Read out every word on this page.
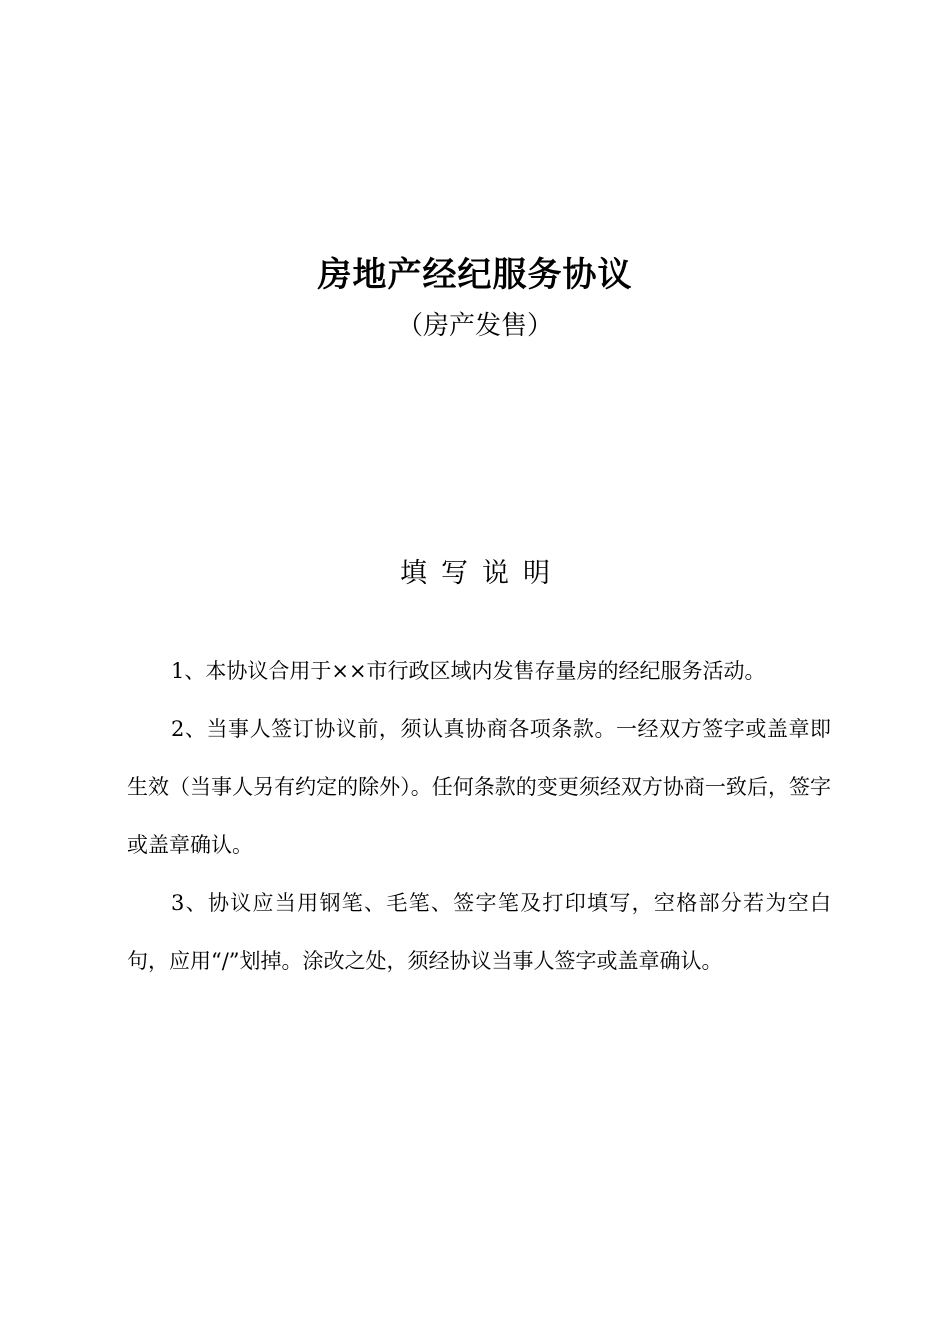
房地产经纪服务协议
（房产发售）
填写说明

1、本协议合用于××市行政区域内发售存量房的经纪服务活动。

2、当事人签订协议前，须认真协商各项条款。一经双方签字或盖章即生效（当事人另有约定的除外）。任何条款的变更须经双方协商一致后，签字或盖章确认。

3、协议应当用钢笔、毛笔、签字笔及打印填写，空格部分若为空白句，应用“/”划掉。涂改之处，须经协议当事人签字或盖章确认。
